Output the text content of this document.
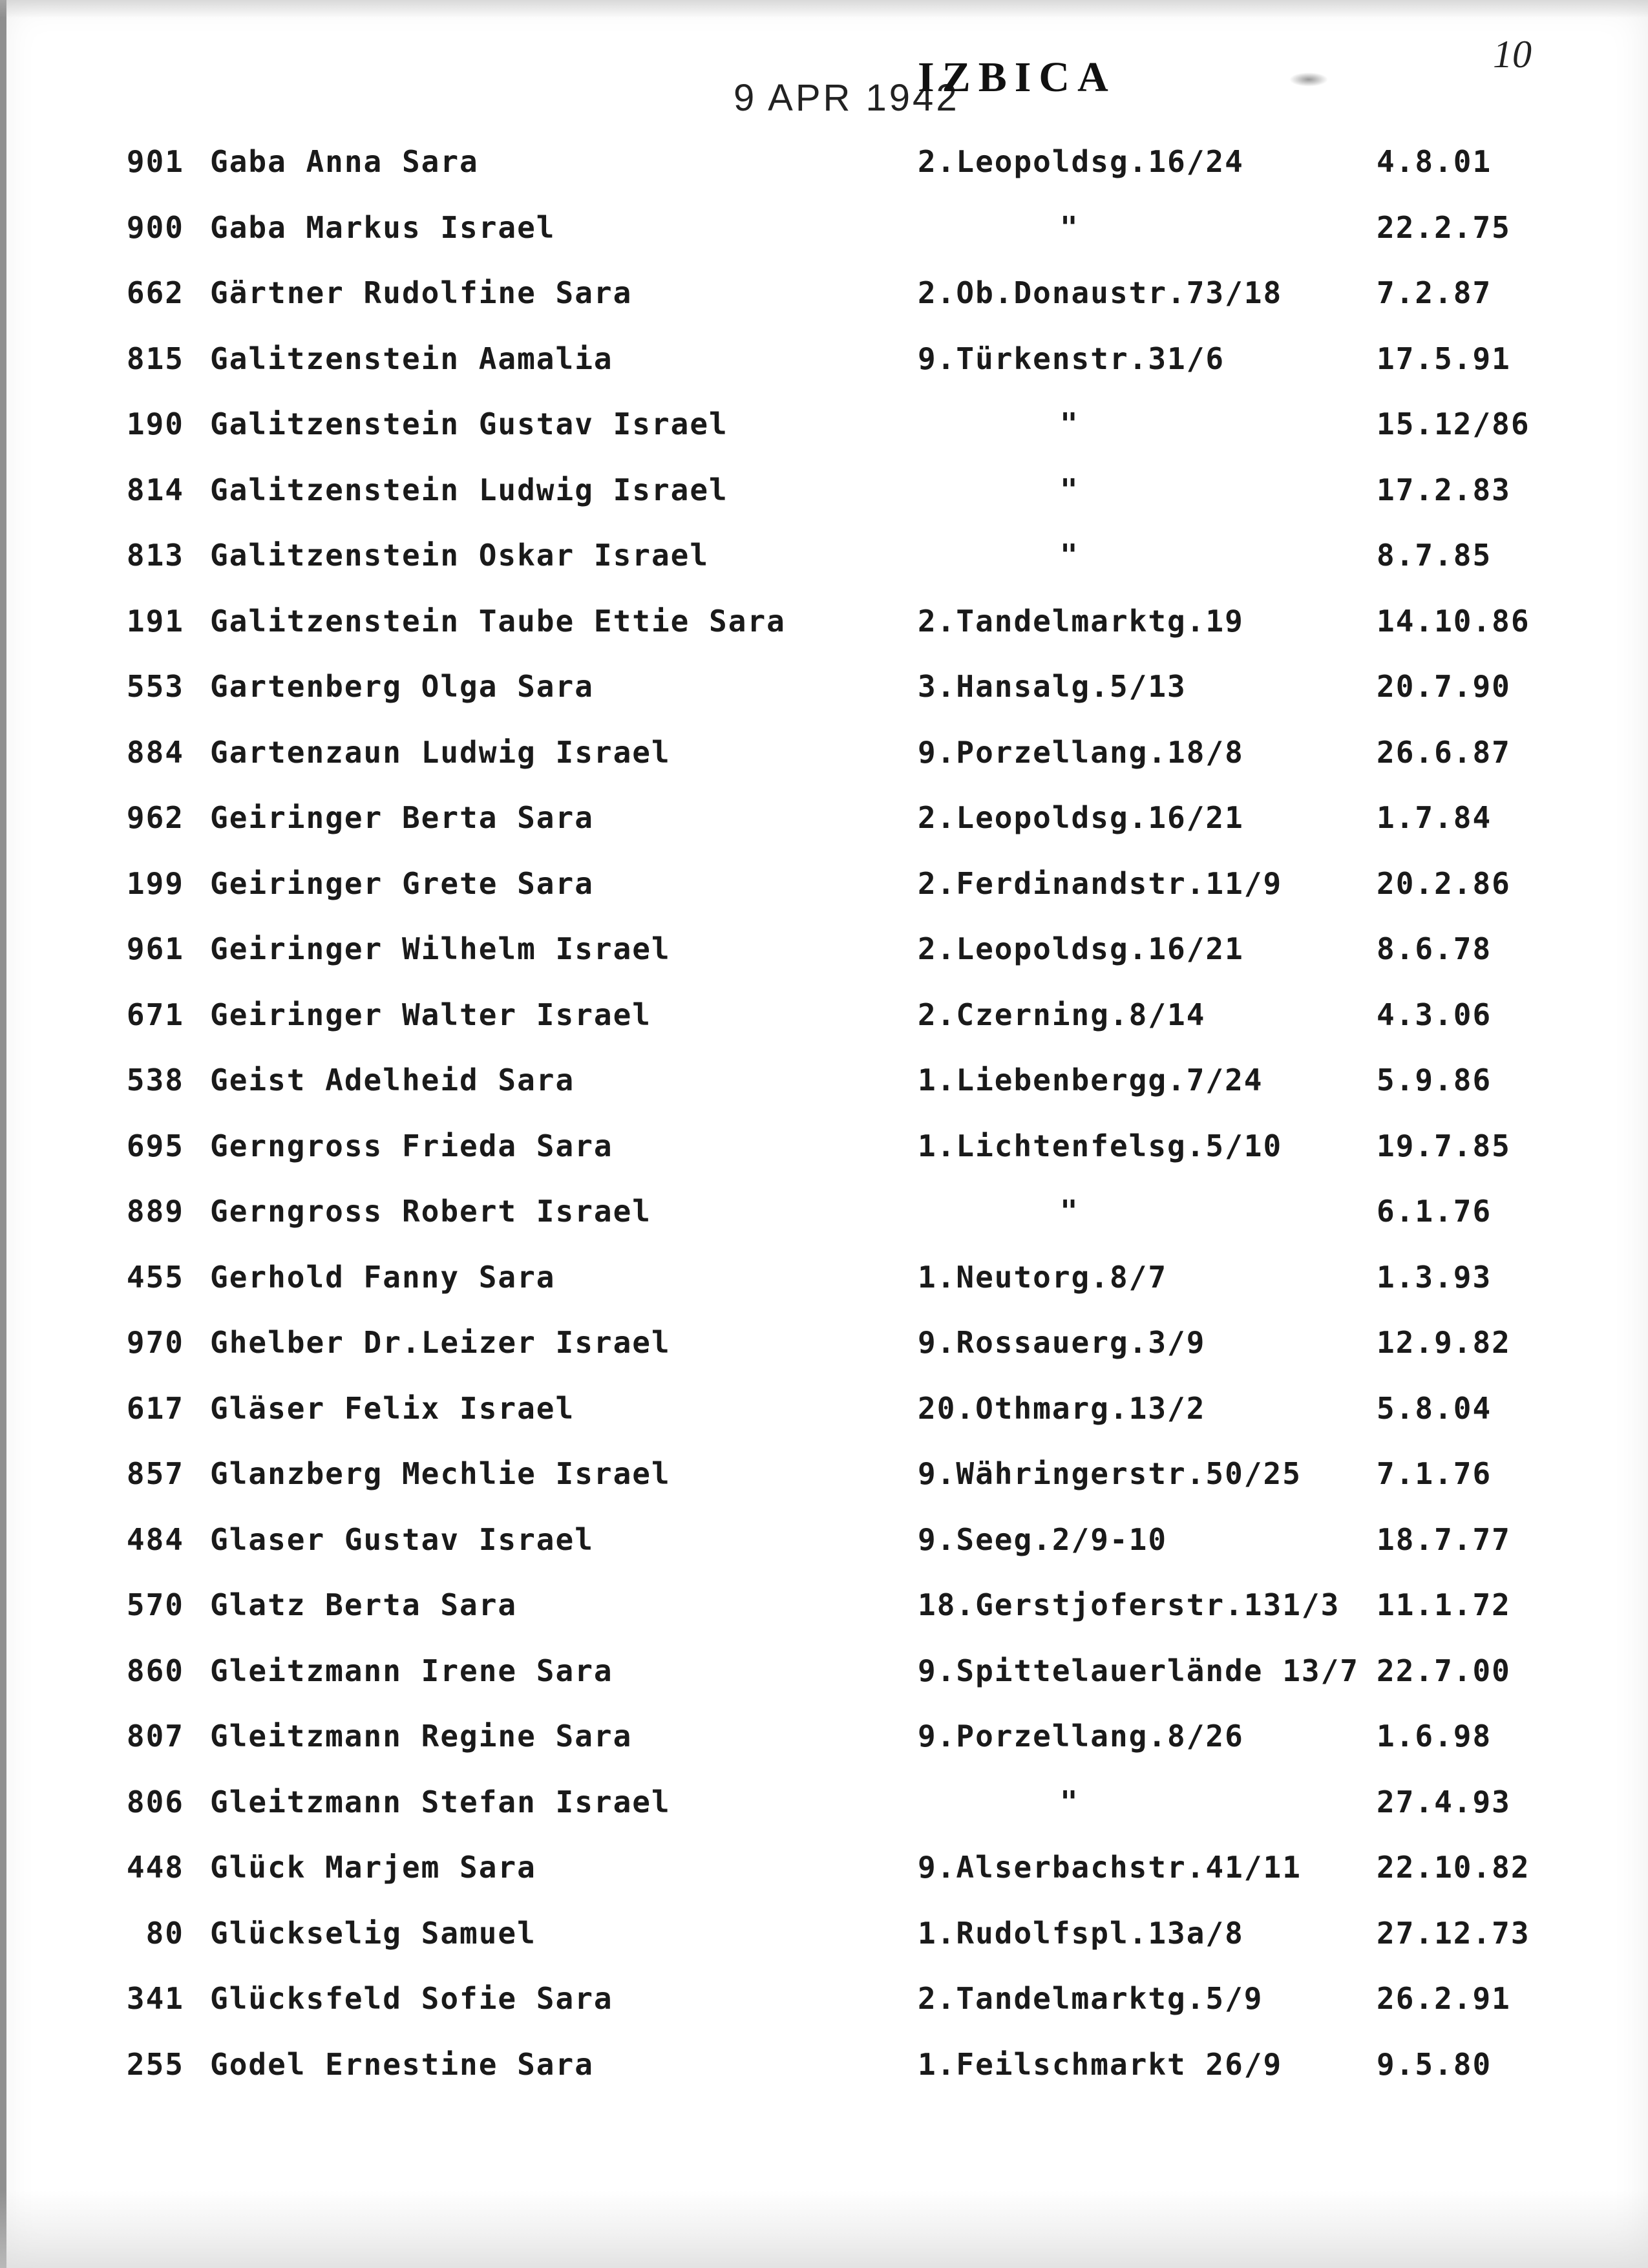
9 APR 1942
IZBICA	10
901 Gaba Anna Sara	2.Leopoldsg.16/24	4.8.01
900 Gaba Markus Israel	"	22.2.75
662 Gärtner Rudolfine Sara	2.Ob.Donaustr.73/18	7.2.87
815 Galitzenstein Aamalia	9.Türkenstr.31/6	17.5.91
190 Galitzenstein Gustav Israel	"	15.12/86
814 Galitzenstein Ludwig Israel	"	17.2.83
813 Galitzenstein Oskar Israel	"	8.7.85
191 Galitzenstein Taube Ettie Sara	2.Tandelmarktg.19	14.10.86
553 Gartenberg Olga Sara	3.Hansalg.5/13	20.7.90
884 Gartenzaun Ludwig Israel	9.Porzellang.18/8	26.6.87
962 Geiringer Berta Sara	2.Leopoldsg.16/21	1.7.84
199 Geiringer Grete Sara	2.Ferdinandstr.11/9	20.2.86
961 Geiringer Wilhelm Israel	2.Leopoldsg.16/21	8.6.78
671 Geiringer Walter Israel	2.Czerning.8/14	4.3.06
538 Geist Adelheid Sara	1.Liebenbergg.7/24	5.9.86
695 Gerngross Frieda Sara	1.Lichtenfelsg.5/10	19.7.85
889 Gerngross Robert Israel	"	6.1.76
455 Gerhold Fanny Sara	1.Neutorg.8/7	1.3.93
970 Ghelber Dr.Leizer Israel	9.Rossauerg.3/9	12.9.82
617 Gläser Felix Israel	20.Othmarg.13/2	5.8.04
857 Glanzberg Mechlie Israel	9.Währingerstr.50/25	7.1.76
484 Glaser Gustav Israel	9.Seeg.2/9-10	18.7.77
570 Glatz Berta Sara	18.Gerstjoferstr.131/3 11.1.72
860 Gleitzmann Irene Sara	9.Spittelauerlände 13/7 22.7.00
807 Gleitzmann Regine Sara	9.Porzellang.8/26	1.6.98
806 Gleitzmann Stefan Israel	"	27.4.93
448 Glück Marjem Sara	9.Alserbachstr.41/11	22.10.82
80 Glückselig Samuel	1.Rudolfspl.13a/8	27.12.73
341 Glücksfeld Sofie Sara	2.Tandelmarktg.5/9	26.2.91
255 Godel Ernestine Sara	1.Feilschmarkt 26/9	9.5.80
